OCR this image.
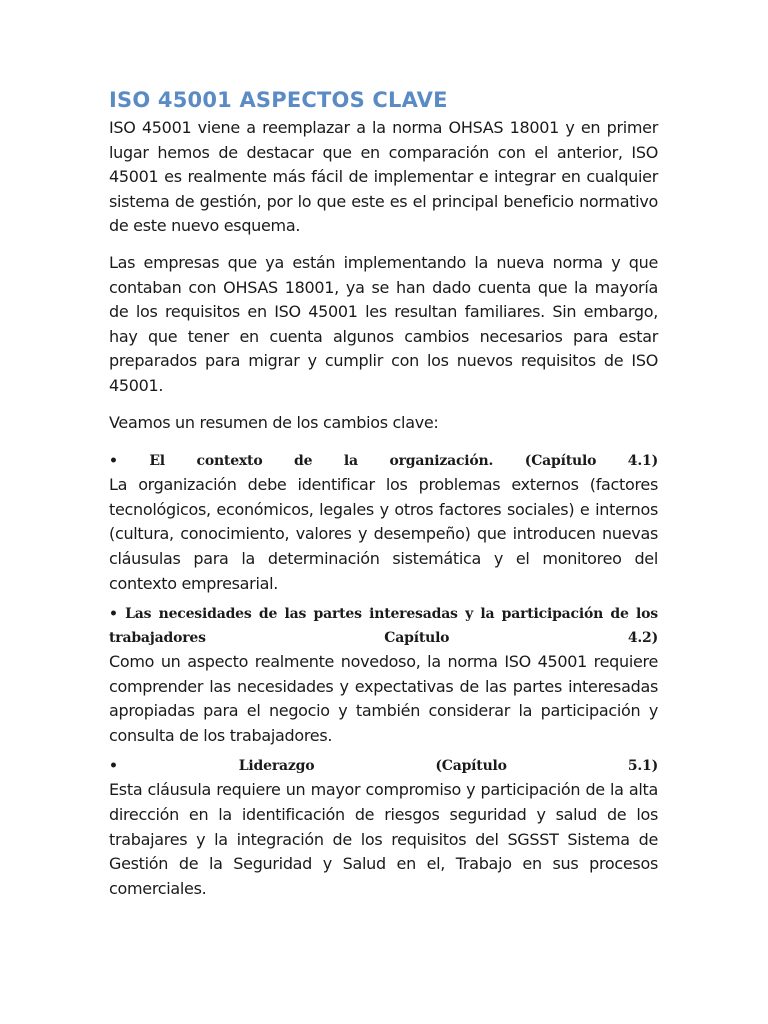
ISO 45001 ASPECTOS CLAVE

ISO 45001 viene a reemplazar a la norma OHSAS 18001 y en primer lugar hemos de destacar que en comparación con el anterior, ISO 45001 es realmente más fácil de implementar e integrar en cualquier sistema de gestión, por lo que este es el principal beneficio normativo de este nuevo esquema.

Las empresas que ya están implementando la nueva norma y que contaban con OHSAS 18001, ya se han dado cuenta que la mayoría de los requisitos en ISO 45001 les resultan familiares. Sin embargo, hay que tener en cuenta algunos cambios necesarios para estar preparados para migrar y cumplir con los nuevos requisitos de ISO 45001.

Veamos un resumen de los cambios clave:

• El contexto de la organización. (Capítulo 4.1)

La organización debe identificar los problemas externos (factores tecnológicos, económicos, legales y otros factores sociales) e internos (cultura, conocimiento, valores y desempeño) que introducen nuevas cláusulas para la determinación sistemática y el monitoreo del contexto empresarial.

• Las necesidades de las partes interesadas y la participación de los trabajadores Capítulo 4.2)

Como un aspecto realmente novedoso, la norma ISO 45001 requiere comprender las necesidades y expectativas de las partes interesadas apropiadas para el negocio y también considerar la participación y consulta de los trabajadores.

• Liderazgo (Capítulo 5.1)

Esta cláusula requiere un mayor compromiso y participación de la alta dirección en la identificación de riesgos seguridad y salud de los trabajares y la integración de los requisitos del SGSST Sistema de Gestión de la Seguridad y Salud en el, Trabajo en sus procesos comerciales.
